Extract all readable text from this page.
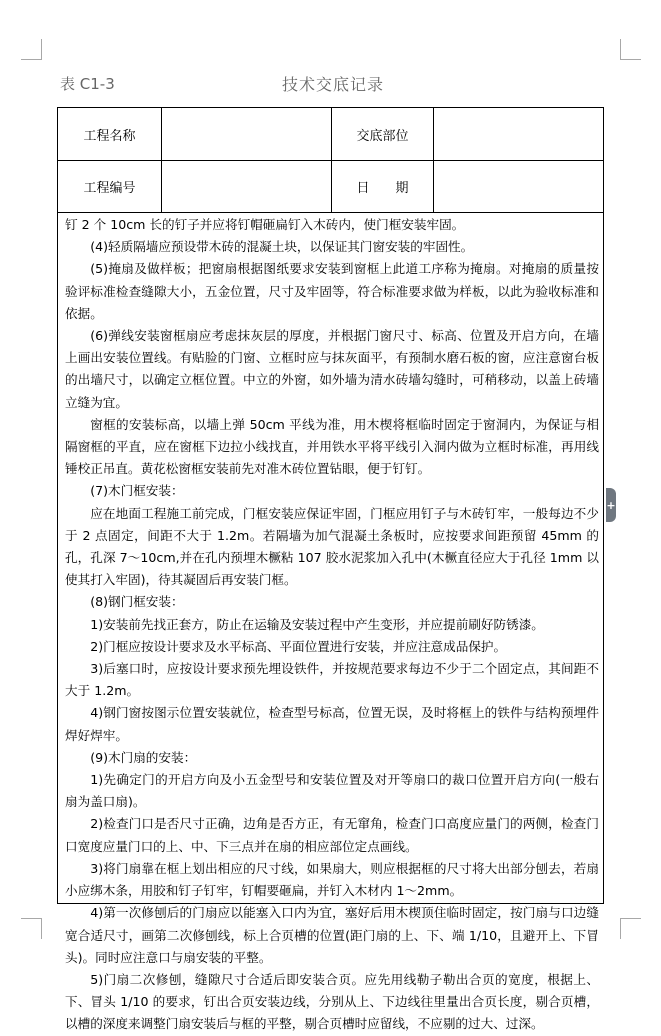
表 C1-3	技术交底记录
工程名称	交底部位
工程编号	日　　期

钉 2 个 10cm 长的钉子并应将钉帽砸扁钉入木砖内，使门框安装牢固。

(4)轻质隔墙应预设带木砖的混凝土块，以保证其门窗安装的牢固性。

(5)掩扇及做样板；把窗扇根据图纸要求安装到窗框上此道工序称为掩扇。对掩扇的质量按验评标准检查缝隙大小，五金位置，尺寸及牢固等，符合标准要求做为样板，以此为验收标准和依据。

(6)弹线安装窗框扇应考虑抹灰层的厚度，并根据门窗尺寸、标高、位置及开启方向，在墙上画出安装位置线。有贴脸的门窗、立框时应与抹灰面平，有预制水磨石板的窗，应注意窗台板的出墙尺寸，以确定立框位置。中立的外窗，如外墙为清水砖墙勾缝时，可稍移动，以盖上砖墙立缝为宜。

窗框的安装标高，以墙上弹 50cm 平线为准，用木楔将框临时固定于窗洞内，为保证与相隔窗框的平直，应在窗框下边拉小线找直，并用铁水平将平线引入洞内做为立框时标准，再用线锤校正吊直。黄花松窗框安装前先对准木砖位置钻眼，便于钉钉。

(7)木门框安装：

应在地面工程施工前完成，门框安装应保证牢固，门框应用钉子与木砖钉牢，一般每边不少于 2 点固定，间距不大于 1.2m。若隔墙为加气混凝土条板时，应按要求间距预留 45mm 的孔，孔深 7～10cm,并在孔内预埋木橛粘 107 胶水泥浆加入孔中(木橛直径应大于孔径 1mm 以使其打入牢固)，待其凝固后再安装门框。

(8)钢门框安装：

1)安装前先找正套方，防止在运输及安装过程中产生变形，并应提前刷好防锈漆。

2)门框应按设计要求及水平标高、平面位置进行安装，并应注意成品保护。

3)后塞口时，应按设计要求预先埋设铁件，并按规范要求每边不少于二个固定点，其间距不大于 1.2m。

4)钢门窗按图示位置安装就位，检查型号标高，位置无误，及时将框上的铁件与结构预埋件焊好焊牢。

(9)木门扇的安装：

1)先确定门的开启方向及小五金型号和安装位置及对开等扇口的裁口位置开启方向(一般右扇为盖口扇)。

2)检查门口是否尺寸正确，边角是否方正，有无窜角，检查门口高度应量门的两侧，检查门口宽度应量门口的上、中、下三点并在扇的相应部位定点画线。

3)将门扇靠在框上划出相应的尺寸线，如果扇大，则应根据框的尺寸将大出部分刨去，若扇小应绑木条，用胶和钉子钉牢，钉帽要砸扁，并钉入木材内 1～2mm。

4)第一次修刨后的门扇应以能塞入口内为宜，塞好后用木楔顶住临时固定，按门扇与口边缝宽合适尺寸，画第二次修刨线，标上合页槽的位置(距门扇的上、下、端 1/10，且避开上、下冒头)。同时应注意口与扇安装的平整。

5)门扇二次修刨，缝隙尺寸合适后即安装合页。应先用线勒子勒出合页的宽度，根据上、下、冒头 1/10 的要求，钉出合页安装边线，分别从上、下边线往里量出合页长度，剔合页槽，以槽的深度来调整门扇安装后与框的平整，剔合页槽时应留线，不应剔的过大、过深。

+
